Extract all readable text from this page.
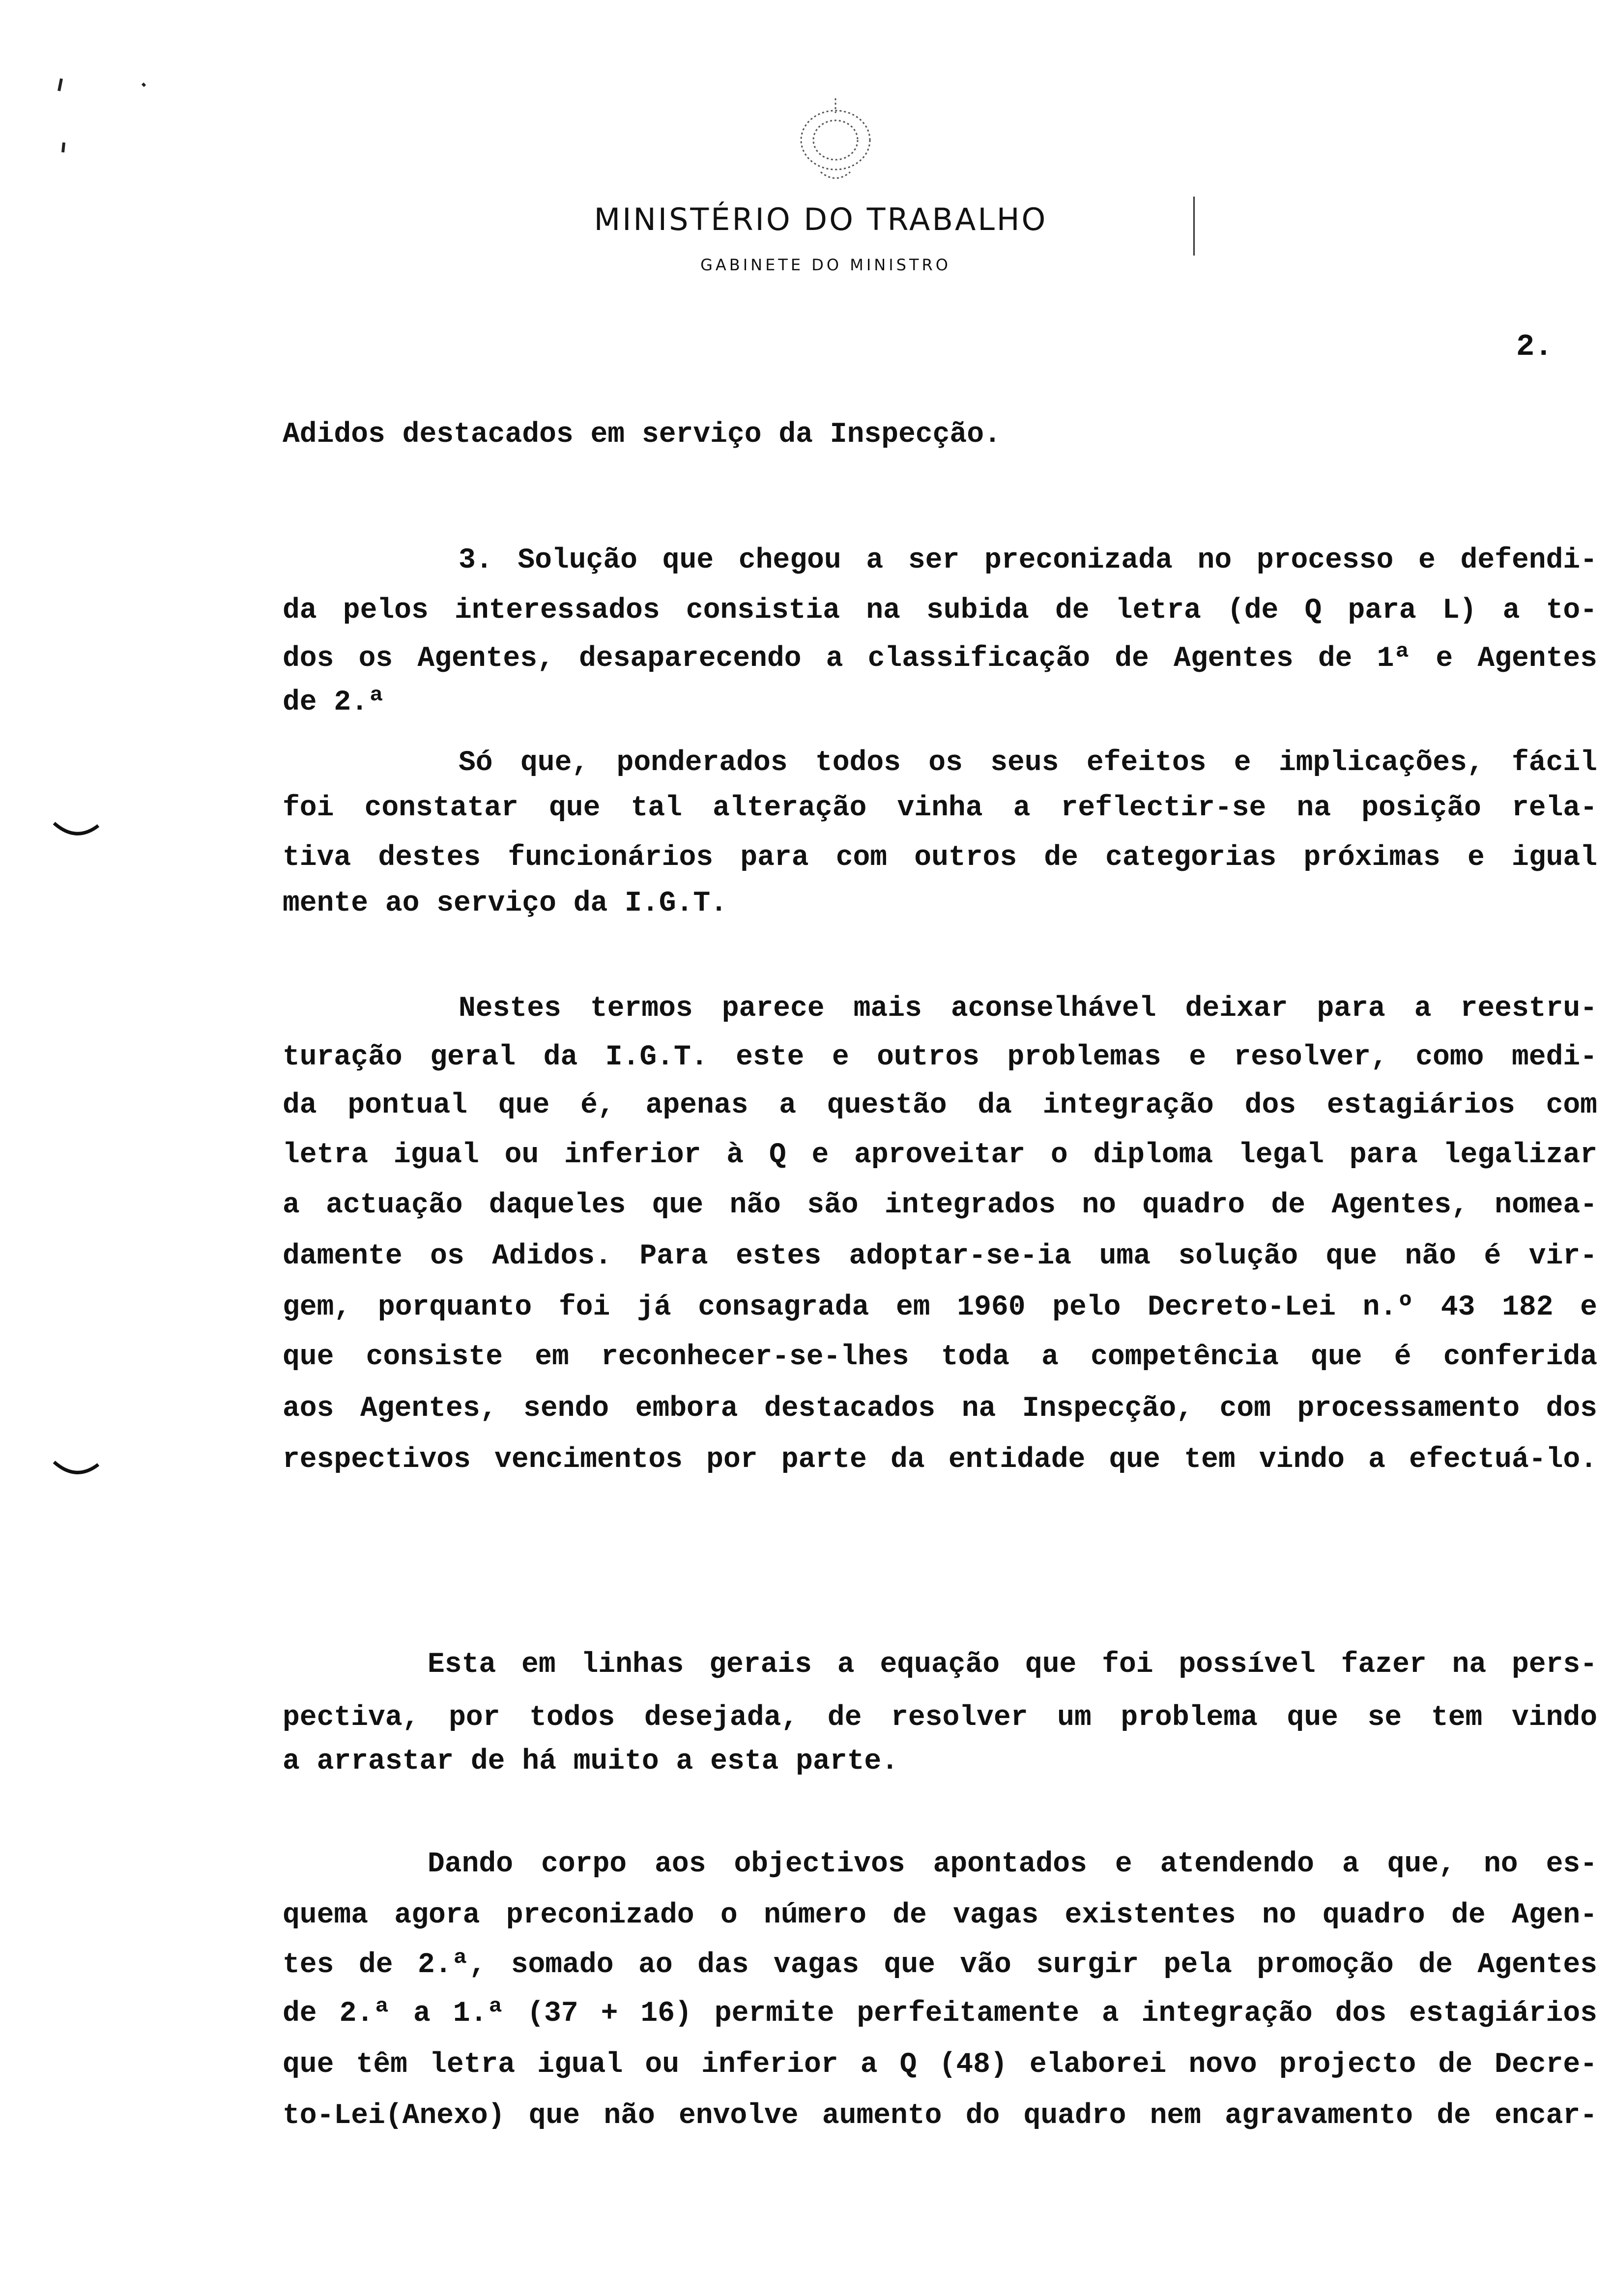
MINISTÉRIO DO TRABALHO
GABINETE DO MINISTRO
2.
Adidos destacados em serviço da Inspecção.
3. Solução que chegou a ser preconizada no processo e defendi-
da pelos interessados consistia na subida de letra (de Q para L) a to-
dos os Agentes, desaparecendo a classificação de Agentes de 1ª e Agentes
de 2.ª
Só que, ponderados todos os seus efeitos e implicações, fácil
foi constatar que tal alteração vinha a reflectir-se na posição rela-
tiva destes funcionários para com outros de categorias próximas e igual
mente ao serviço da I.G.T.
Nestes termos parece mais aconselhável deixar para a reestru-
turação geral da I.G.T. este e outros problemas e resolver, como medi-
da pontual que é, apenas a questão da integração dos estagiários com
letra igual ou inferior à Q e aproveitar o diploma legal para legalizar
a actuação daqueles que não são integrados no quadro de Agentes, nomea-
damente os Adidos. Para estes adoptar-se-ia uma solução que não é vir-
gem, porquanto foi já consagrada em 1960 pelo Decreto-Lei n.º 43 182 e
que consiste em reconhecer-se-lhes toda a competência que é conferida
aos Agentes, sendo embora destacados na Inspecção, com processamento dos
respectivos vencimentos por parte da entidade que tem vindo a efectuá-lo.
Esta em linhas gerais a equação que foi possível fazer na pers-
pectiva, por todos desejada, de resolver um problema que se tem vindo
a arrastar de há muito a esta parte.
Dando corpo aos objectivos apontados e atendendo a que, no es-
quema agora preconizado o número de vagas existentes no quadro de Agen-
tes de 2.ª, somado ao das vagas que vão surgir pela promoção de Agentes
de 2.ª a 1.ª (37 + 16) permite perfeitamente a integração dos estagiários
que têm letra igual ou inferior a Q (48) elaborei novo projecto de Decre-
to-Lei(Anexo) que não envolve aumento do quadro nem agravamento de encar-
